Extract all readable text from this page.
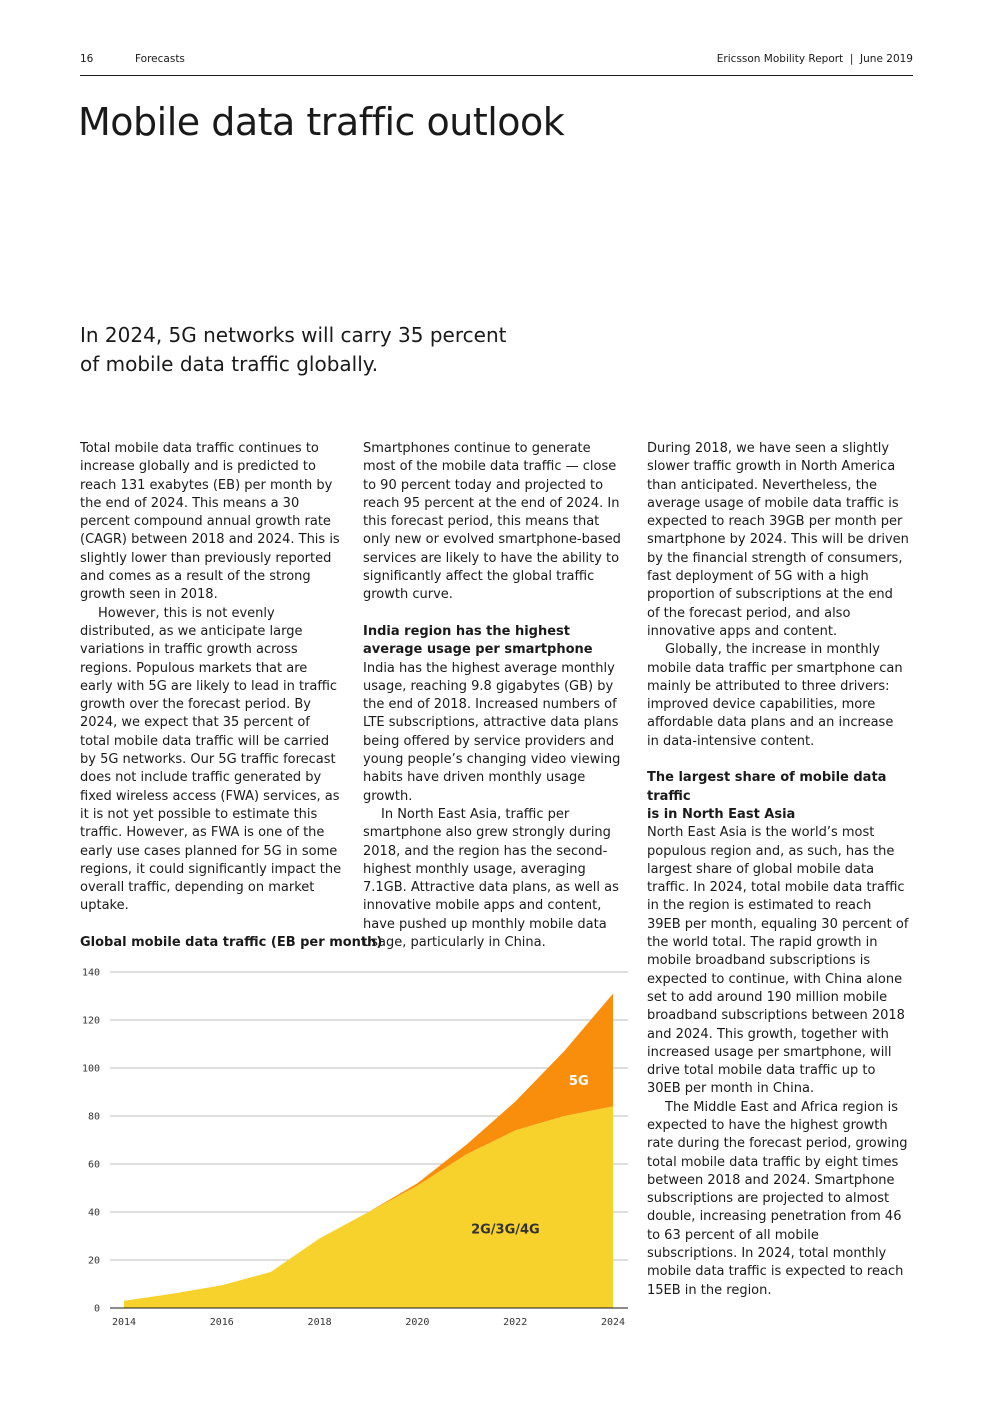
16	Forecasts	Ericsson Mobility Report  |  June 2019
Mobile data traffic outlook
In 2024, 5G networks will carry 35 percent
of mobile data traffic globally.

Total mobile data traffic continues to increase globally and is predicted to reach 131 exabytes (EB) per month by the end of 2024. This means a 30 percent compound annual growth rate (CAGR) between 2018 and 2024. This is slightly lower than previously reported and comes as a result of the strong growth seen in 2018.

However, this is not evenly distributed, as we anticipate large variations in traffic growth across regions. Populous markets that are early with 5G are likely to lead in traffic growth over the forecast period. By 2024, we expect that 35 percent of total mobile data traffic will be carried by 5G networks. Our 5G traffic forecast does not include traffic generated by fixed wireless access (FWA) services, as it is not yet possible to estimate this traffic. However, as FWA is one of the early use cases planned for 5G in some regions, it could significantly impact the overall traffic, depending on market uptake.

Smartphones continue to generate most of the mobile data traffic — close to 90 percent today and projected to reach 95 percent at the end of 2024. In this forecast period, this means that only new or evolved smartphone-based services are likely to have the ability to significantly affect the global traffic growth curve.

India region has the highest
average usage per smartphone

India has the highest average monthly usage, reaching 9.8 gigabytes (GB) by the end of 2018. Increased numbers of LTE subscriptions, attractive data plans being offered by service providers and young people’s changing video viewing habits have driven monthly usage growth.

In North East Asia, traffic per smartphone also grew strongly during 2018, and the region has the second-highest monthly usage, averaging 7.1GB. Attractive data plans, as well as innovative mobile apps and content, have pushed up monthly mobile data usage, particularly in China.

During 2018, we have seen a slightly slower traffic growth in North America than anticipated. Nevertheless, the average usage of mobile data traffic is expected to reach 39GB per month per smartphone by 2024. This will be driven by the financial strength of consumers, fast deployment of 5G with a high proportion of subscriptions at the end of the forecast period, and also innovative apps and content.

Globally, the increase in monthly mobile data traffic per smartphone can mainly be attributed to three drivers: improved device capabilities, more affordable data plans and an increase in data-intensive content.

The largest share of mobile data traffic
is in North East Asia

North East Asia is the world’s most populous region and, as such, has the largest share of global mobile data traffic. In 2024, total mobile data traffic in the region is estimated to reach 39EB per month, equaling 30 percent of the world total. The rapid growth in mobile broadband subscriptions is expected to continue, with China alone set to add around 190 million mobile broadband subscriptions between 2018 and 2024. This growth, together with increased usage per smartphone, will drive total mobile data traffic up to 30EB per month in China.

The Middle East and Africa region is expected to have the highest growth rate during the forecast period, growing total mobile data traffic by eight times between 2018 and 2024. Smartphone subscriptions are projected to almost double, increasing penetration from 46 to 63 percent of all mobile subscriptions. In 2024, total monthly mobile data traffic is expected to reach 15EB in the region.

Global mobile data traffic (EB per month)
0
20
40
60
80
100
120
140
2014	2016	2018	2020	2022	2024
2G/3G/4G
5G
